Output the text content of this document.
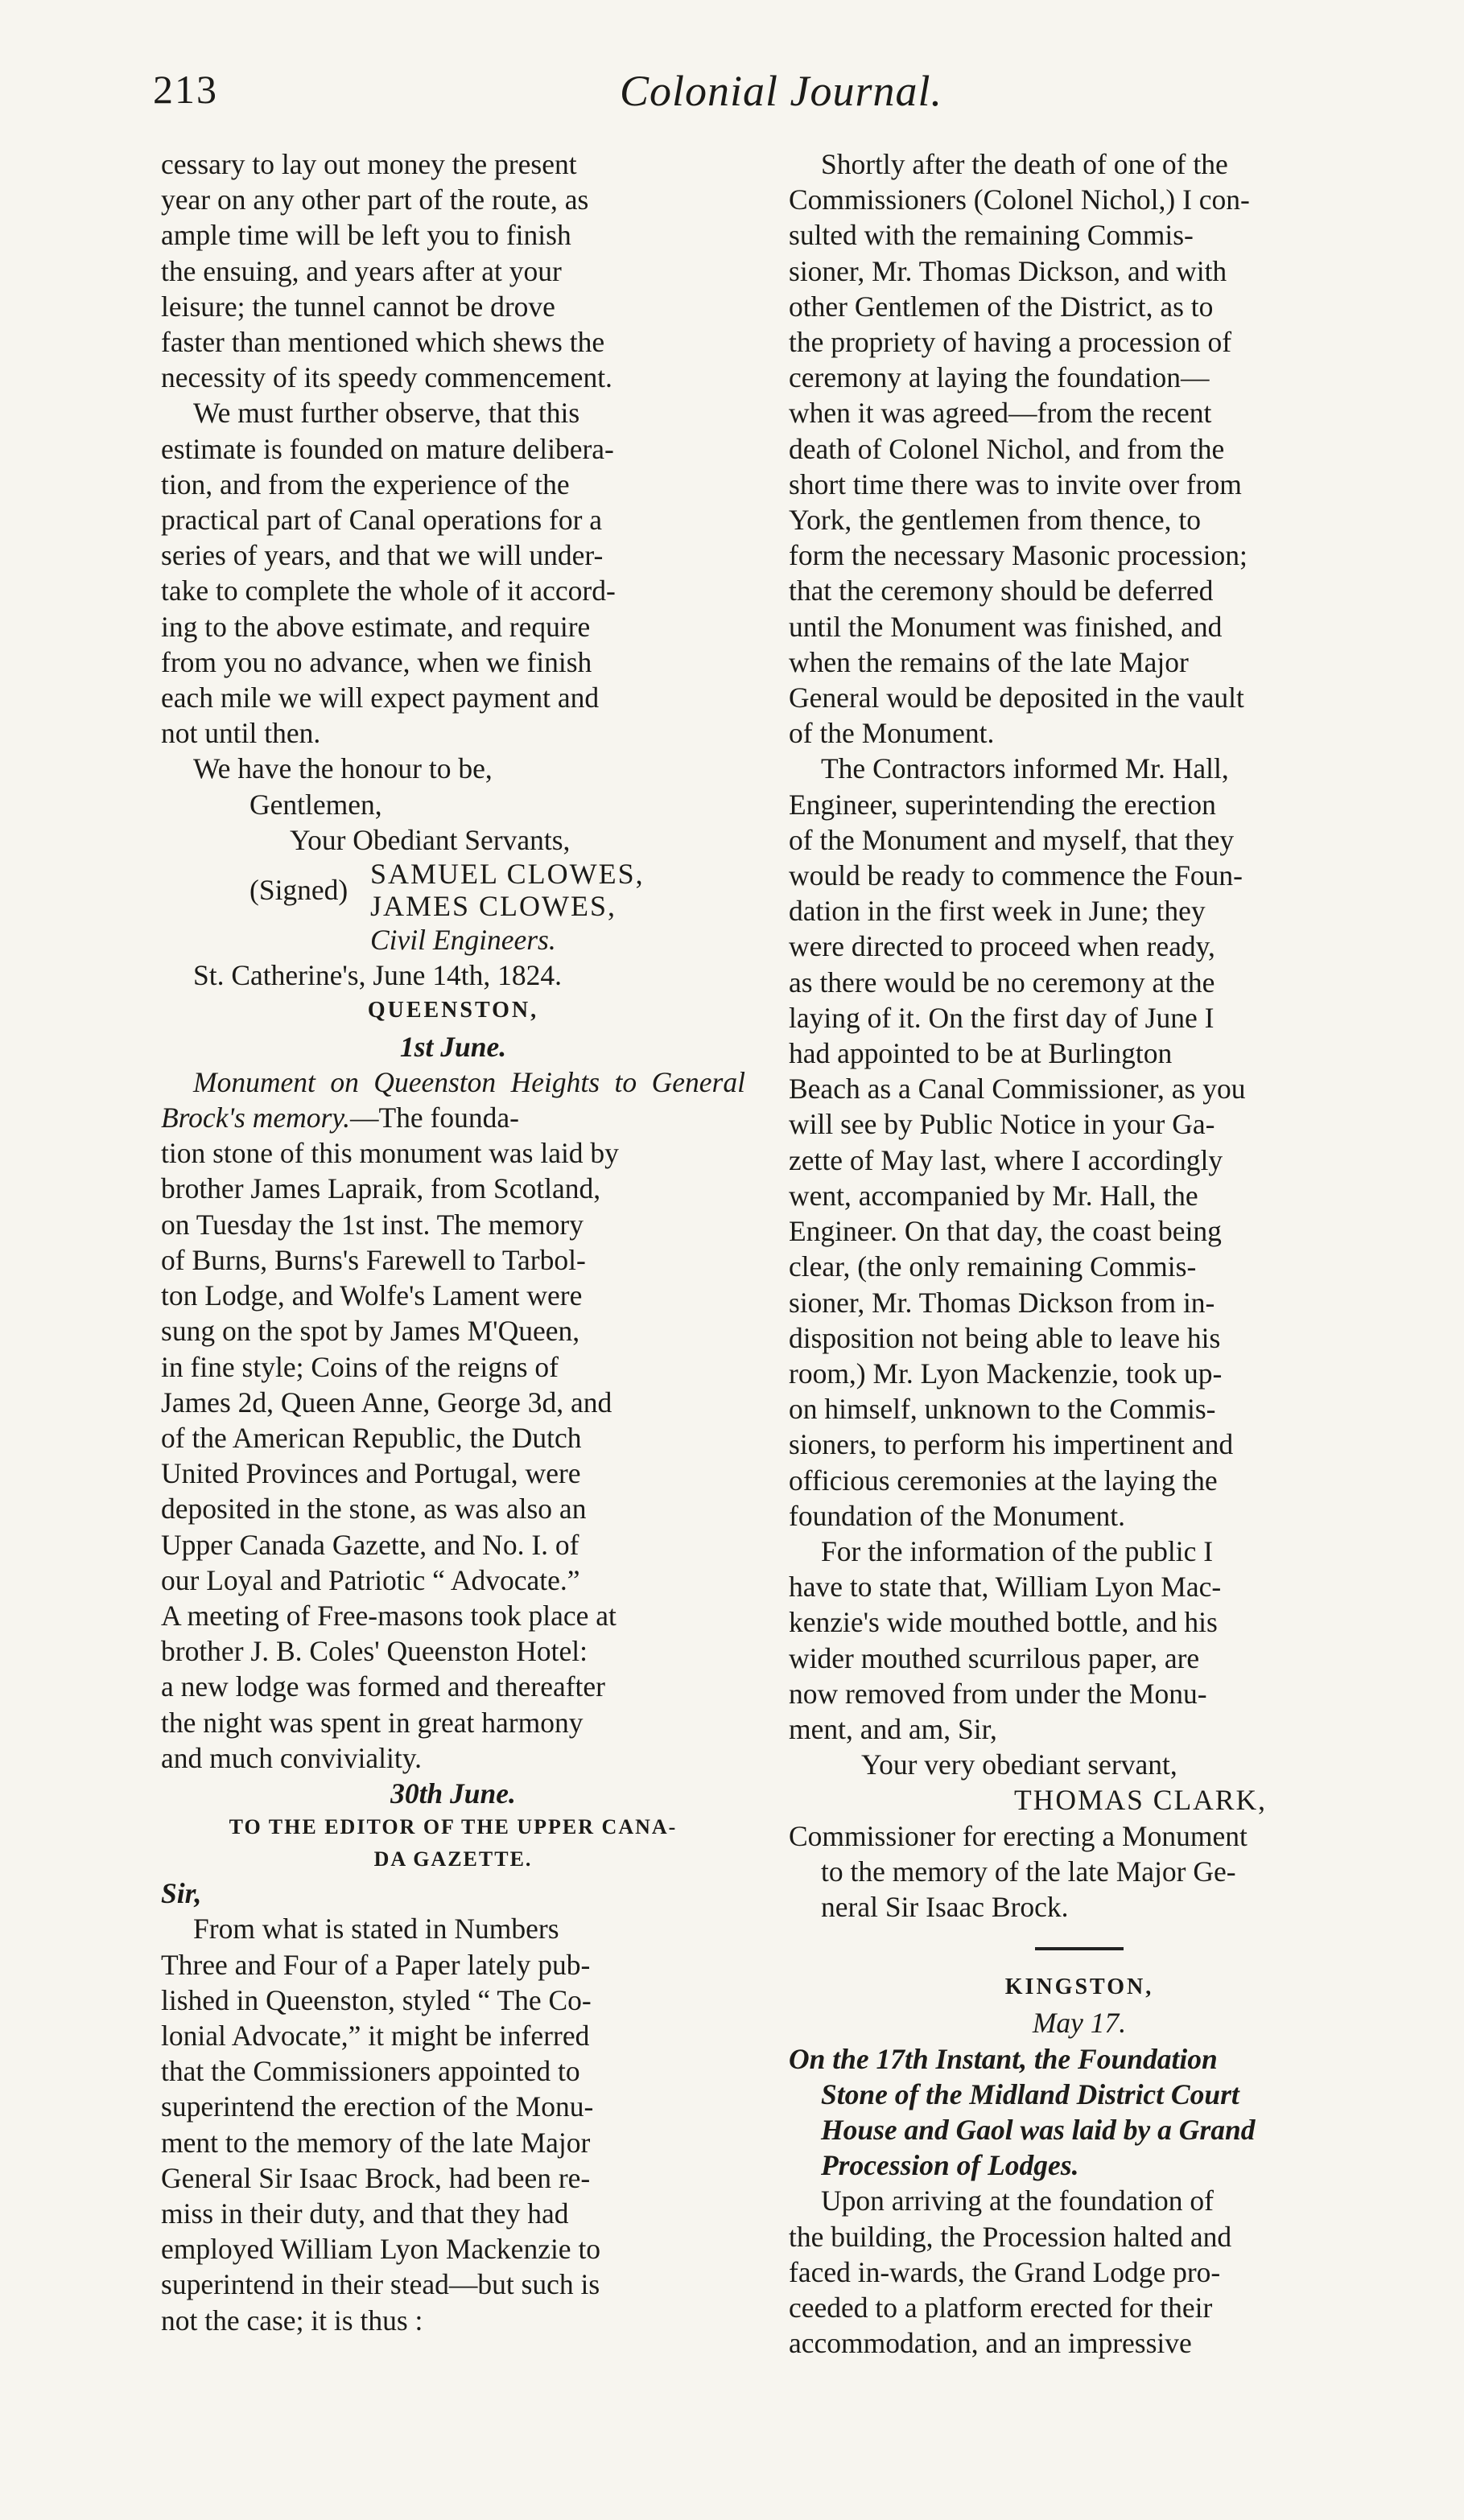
213	Colonial Journal.

cessary to lay out money the present
year on any other part of the route, as
ample time will be left you to finish
the ensuing, and years after at your
leisure; the tunnel cannot be drove
faster than mentioned which shews the
necessity of its speedy commencement.

We must further observe, that this
estimate is founded on mature delibera-
tion, and from the experience of the
practical part of Canal operations for a
series of years, and that we will under-
take to complete the whole of it accord-
ing to the above estimate, and require
from you no advance, when we finish
each mile we will expect payment and
not until then.

We have the honour to be,

Gentlemen,

Your Obediant Servants,

(Signed) SAMUEL CLOWES,
JAMES CLOWES,

Civil Engineers.

St. Catherine's, June 14th, 1824.

QUEENSTON,

1st June.

Monument on Queenston Heights to General Brock's memory.—The founda-
tion stone of this monument was laid by
brother James Lapraik, from Scotland,
on Tuesday the 1st inst. The memory
of Burns, Burns's Farewell to Tarbol-
ton Lodge, and Wolfe's Lament were
sung on the spot by James M'Queen,
in fine style; Coins of the reigns of
James 2d, Queen Anne, George 3d, and
of the American Republic, the Dutch
United Provinces and Portugal, were
deposited in the stone, as was also an
Upper Canada Gazette, and No. I. of
our Loyal and Patriotic “ Advocate.”
A meeting of Free-masons took place at
brother J. B. Coles' Queenston Hotel:
a new lodge was formed and thereafter
the night was spent in great harmony
and much conviviality.

30th June.

TO THE EDITOR OF THE UPPER CANA-
DA GAZETTE.

Sir,

From what is stated in Numbers
Three and Four of a Paper lately pub-
lished in Queenston, styled “ The Co-
lonial Advocate,” it might be inferred
that the Commissioners appointed to
superintend the erection of the Monu-
ment to the memory of the late Major
General Sir Isaac Brock, had been re-
miss in their duty, and that they had
employed William Lyon Mackenzie to
superintend in their stead—but such is
not the case; it is thus :

Shortly after the death of one of the
Commissioners (Colonel Nichol,) I con-
sulted with the remaining Commis-
sioner, Mr. Thomas Dickson, and with
other Gentlemen of the District, as to
the propriety of having a procession of
ceremony at laying the foundation—
when it was agreed—from the recent
death of Colonel Nichol, and from the
short time there was to invite over from
York, the gentlemen from thence, to
form the necessary Masonic procession;
that the ceremony should be deferred
until the Monument was finished, and
when the remains of the late Major
General would be deposited in the vault
of the Monument.

The Contractors informed Mr. Hall,
Engineer, superintending the erection
of the Monument and myself, that they
would be ready to commence the Foun-
dation in the first week in June; they
were directed to proceed when ready,
as there would be no ceremony at the
laying of it. On the first day of June I
had appointed to be at Burlington
Beach as a Canal Commissioner, as you
will see by Public Notice in your Ga-
zette of May last, where I accordingly
went, accompanied by Mr. Hall, the
Engineer. On that day, the coast being
clear, (the only remaining Commis-
sioner, Mr. Thomas Dickson from in-
disposition not being able to leave his
room,) Mr. Lyon Mackenzie, took up-
on himself, unknown to the Commis-
sioners, to perform his impertinent and
officious ceremonies at the laying the
foundation of the Monument.

For the information of the public I
have to state that, William Lyon Mac-
kenzie's wide mouthed bottle, and his
wider mouthed scurrilous paper, are
now removed from under the Monu-
ment, and am, Sir,

Your very obediant servant,

THOMAS CLARK,

Commissioner for erecting a Monument
to the memory of the late Major Ge-
neral Sir Isaac Brock.

KINGSTON,

May 17.

On the 17th Instant, the Foundation
Stone of the Midland District Court
House and Gaol was laid by a Grand
Procession of Lodges.

Upon arriving at the foundation of
the building, the Procession halted and
faced in-wards, the Grand Lodge pro-
ceeded to a platform erected for their
accommodation, and an impressive
